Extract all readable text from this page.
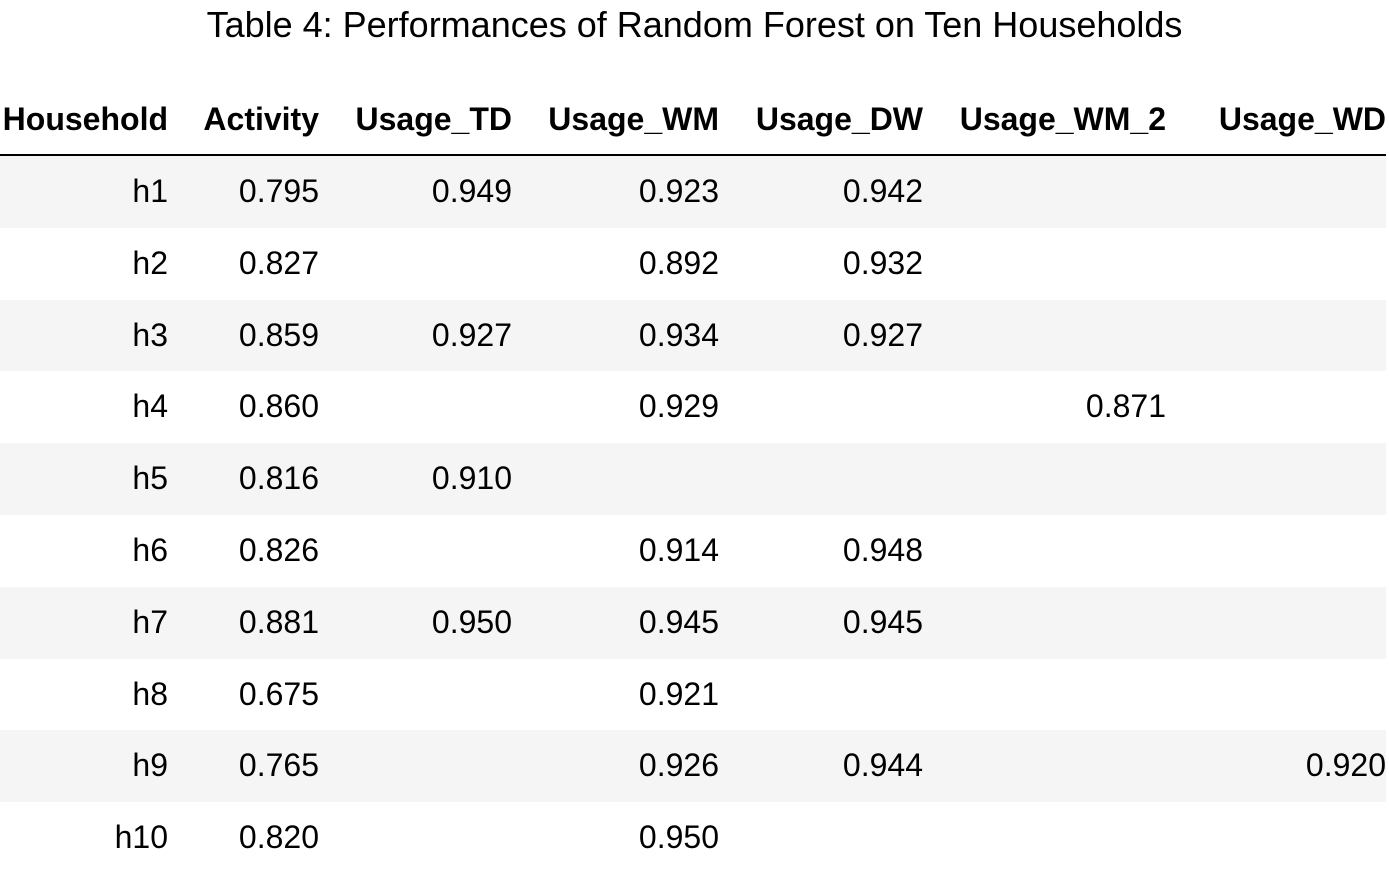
Table 4: Performances of Random Forest on Ten Households
Household	Activity	Usage_TD	Usage_WM	Usage_DW	Usage_WM_2	Usage_WD
h1	0.795	0.949	0.923	0.942		
h2	0.827		0.892	0.932		
h3	0.859	0.927	0.934	0.927		
h4	0.860		0.929		0.871	
h5	0.816	0.910				
h6	0.826		0.914	0.948		
h7	0.881	0.950	0.945	0.945		
h8	0.675		0.921			
h9	0.765		0.926	0.944		0.920
h10	0.820		0.950			
